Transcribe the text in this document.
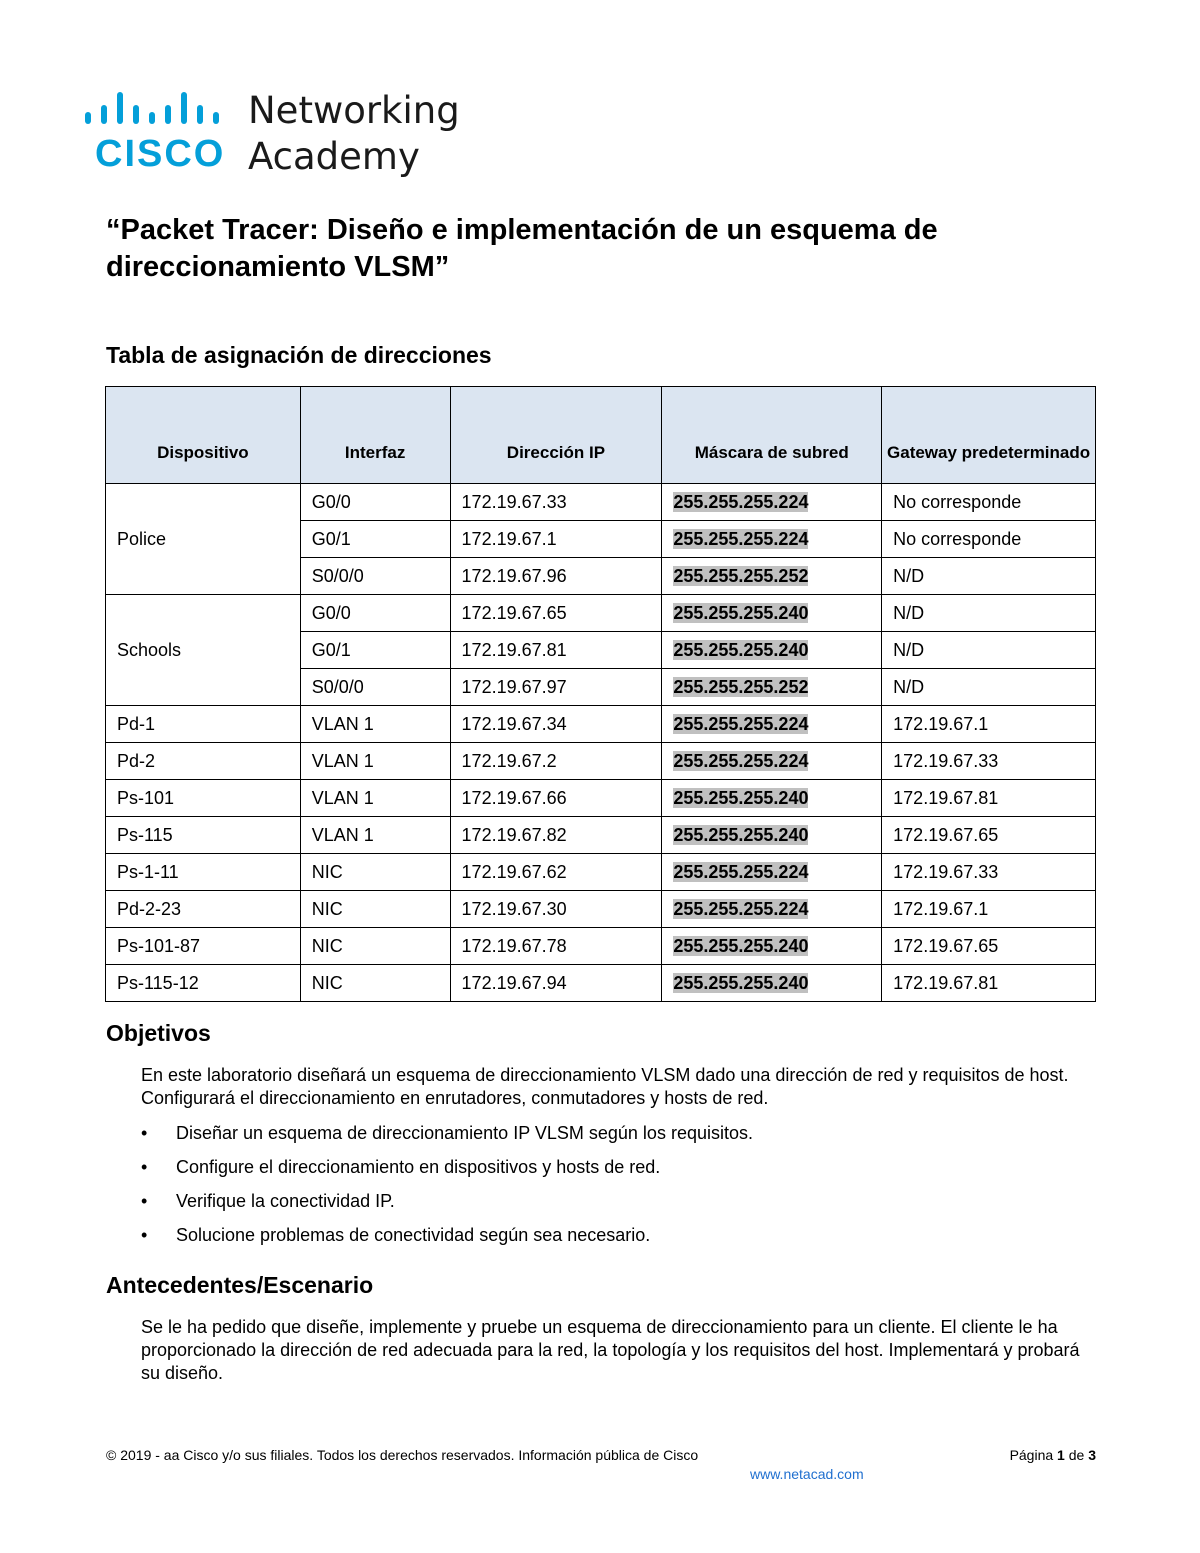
CISCO
Networking
Academy
“Packet Tracer: Diseño e implementación de un esquema de direccionamiento VLSM”
Tabla de asignación de direcciones
Dispositivo	Interfaz	Dirección IP	Máscara de subred	Gateway predeterminado
Police	G0/0	172.19.67.33	255.255.255.224	No corresponde
	G0/1	172.19.67.1	255.255.255.224	No corresponde
	S0/0/0	172.19.67.96	255.255.255.252	N/D
Schools	G0/0	172.19.67.65	255.255.255.240	N/D
	G0/1	172.19.67.81	255.255.255.240	N/D
	S0/0/0	172.19.67.97	255.255.255.252	N/D
Pd-1	VLAN 1	172.19.67.34	255.255.255.224	172.19.67.1
Pd-2	VLAN 1	172.19.67.2	255.255.255.224	172.19.67.33
Ps-101	VLAN 1	172.19.67.66	255.255.255.240	172.19.67.81
Ps-115	VLAN 1	172.19.67.82	255.255.255.240	172.19.67.65
Ps-1-11	NIC	172.19.67.62	255.255.255.224	172.19.67.33
Pd-2-23	NIC	172.19.67.30	255.255.255.224	172.19.67.1
Ps-101-87	NIC	172.19.67.78	255.255.255.240	172.19.67.65
Ps-115-12	NIC	172.19.67.94	255.255.255.240	172.19.67.81
Objetivos

En este laboratorio diseñará un esquema de direccionamiento VLSM dado una dirección de red y requisitos de host. Configurará el direccionamiento en enrutadores, conmutadores y hosts de red.

• Diseñar un esquema de direccionamiento IP VLSM según los requisitos.
• Configure el direccionamiento en dispositivos y hosts de red.
• Verifique la conectividad IP.
• Solucione problemas de conectividad según sea necesario.
Antecedentes/Escenario

Se le ha pedido que diseñe, implemente y pruebe un esquema de direccionamiento para un cliente. El cliente le ha proporcionado la dirección de red adecuada para la red, la topología y los requisitos del host. Implementará y probará su diseño.

© 2019 - aa Cisco y/o sus filiales. Todos los derechos reservados. Información pública de Cisco	Página 1 de 3
www.netacad.com
